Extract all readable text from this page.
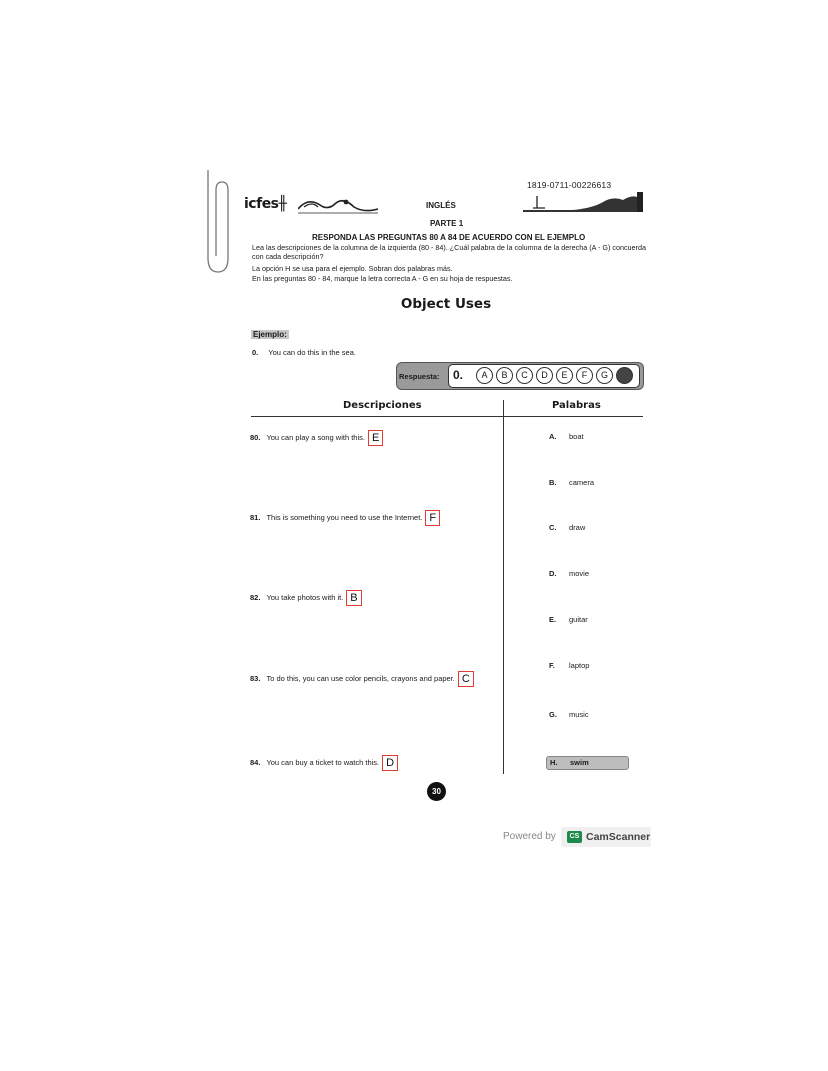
1819-0711-00226613
icfes╫	INGLÉS
PARTE 1
RESPONDA LAS PREGUNTAS 80 A 84 DE ACUERDO CON EL EJEMPLO
Lea las descripciones de la columna de la izquierda (80 - 84). ¿Cuál palabra de la columna de la derecha (A - G) concuerda con cada descripción?
La opción H se usa para el ejemplo. Sobran dos palabras más.
En las preguntas 80 - 84, marque la letra correcta A - G en su hoja de respuestas.
Object Uses
Ejemplo:
0. You can do this in the sea.
Respuesta: 0.	A	B	C	D	E	F	G	H
Descripciones	Palabras
80. You can play a song with this. E
81. This is something you need to use the Internet. F
82. You take photos with it. B
83. To do this, you can use color pencils, crayons and paper. C
84. You can buy a ticket to watch this. D
A. boat
B. camera
C. draw
D. movie
E. guitar
F. laptop
G. music
H. swim
30
Powered by	CS CamScanner
